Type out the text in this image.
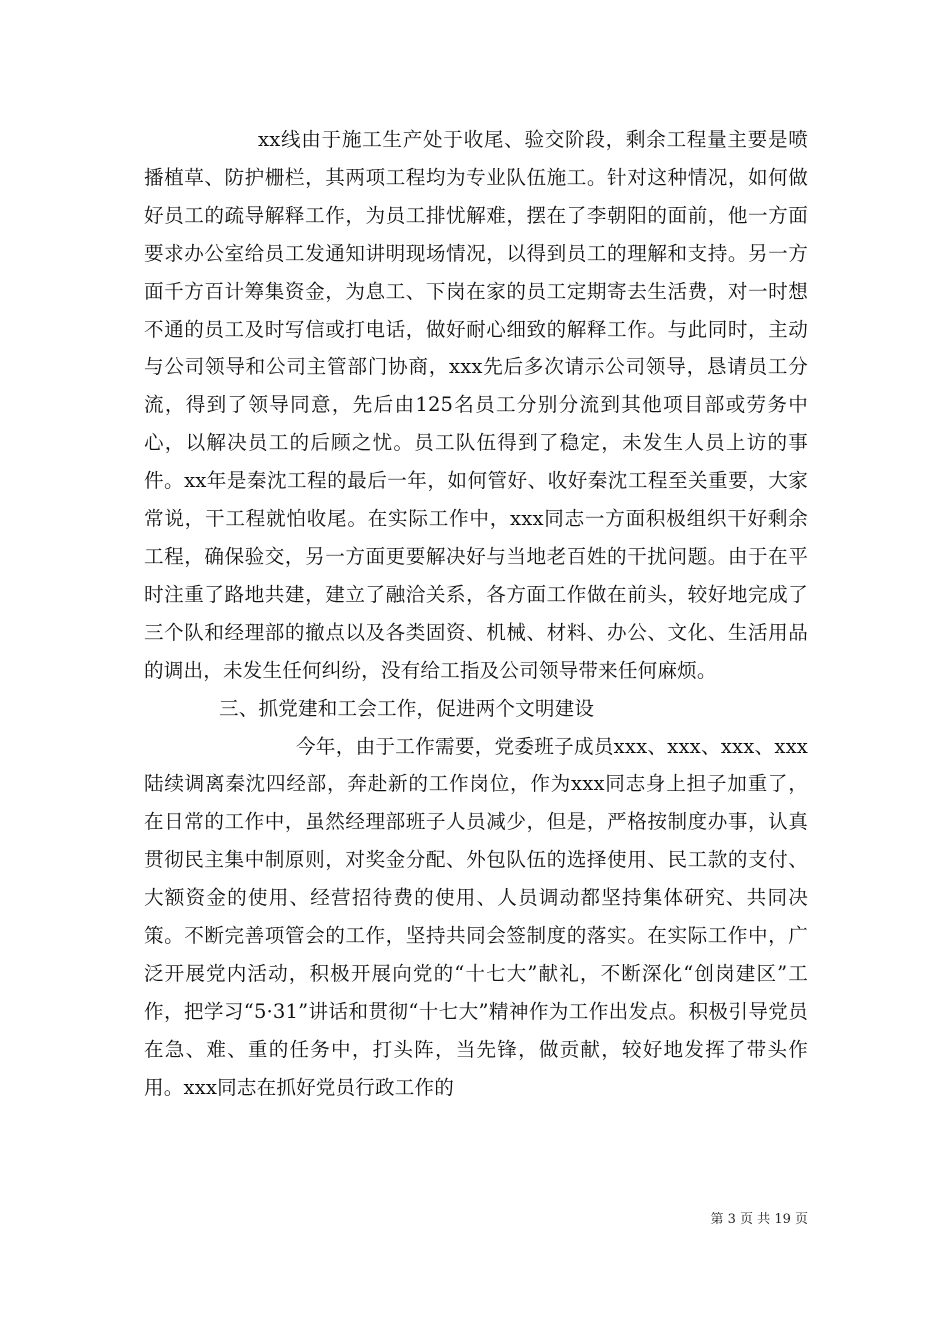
xx线由于施工生产处于收尾、验交阶段，剩余工程量主要是喷播植草、防护栅栏，其两项工程均为专业队伍施工。针对这种情况，如何做好员工的疏导解释工作，为员工排忧解难，摆在了李朝阳的面前，他一方面要求办公室给员工发通知讲明现场情况，以得到员工的理解和支持。另一方面千方百计筹集资金，为息工、下岗在家的员工定期寄去生活费，对一时想不通的员工及时写信或打电话，做好耐心细致的解释工作。与此同时，主动与公司领导和公司主管部门协商，xxx先后多次请示公司领导，恳请员工分流，得到了领导同意，先后由125名员工分别分流到其他项目部或劳务中心，以解决员工的后顾之忧。员工队伍得到了稳定，未发生人员上访的事件。xx年是秦沈工程的最后一年，如何管好、收好秦沈工程至关重要，大家常说，干工程就怕收尾。在实际工作中，xxx同志一方面积极组织干好剩余工程，确保验交，另一方面更要解决好与当地老百姓的干扰问题。由于在平时注重了路地共建，建立了融洽关系，各方面工作做在前头，较好地完成了三个队和经理部的撤点以及各类固资、机械、材料、办公、文化、生活用品的调出，未发生任何纠纷，没有给工指及公司领导带来任何麻烦。

三、抓党建和工会工作，促进两个文明建设

今年，由于工作需要，党委班子成员xxx、xxx、xxx、xxx陆续调离秦沈四经部，奔赴新的工作岗位，作为xxx同志身上担子加重了，在日常的工作中，虽然经理部班子人员减少，但是，严格按制度办事，认真贯彻民主集中制原则，对奖金分配、外包队伍的选择使用、民工款的支付、大额资金的使用、经营招待费的使用、人员调动都坚持集体研究、共同决策。不断完善项管会的工作，坚持共同会签制度的落实。在实际工作中，广泛开展党内活动，积极开展向党的“十七大”献礼，不断深化“创岗建区”工作，把学习“5·31”讲话和贯彻“十七大”精神作为工作出发点。积极引导党员在急、难、重的任务中，打头阵，当先锋，做贡献，较好地发挥了带头作用。xxx同志在抓好党员行政工作的

第 3 页 共 19 页
